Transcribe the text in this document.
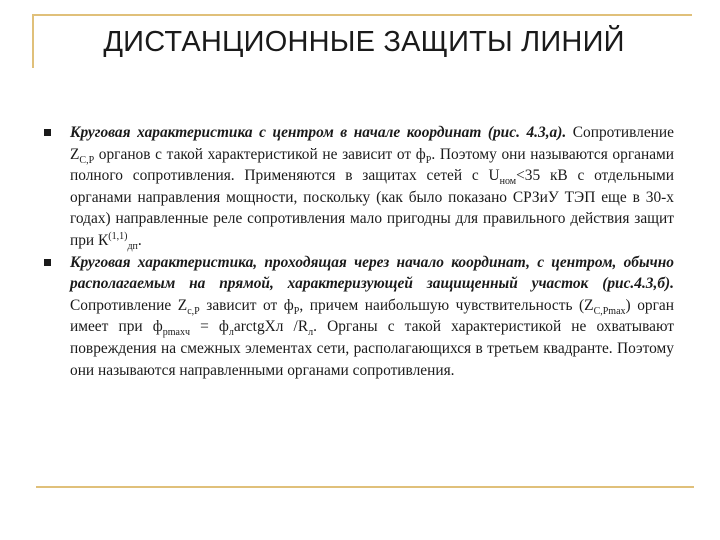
ДИСТАНЦИОННЫЕ ЗАЩИТЫ ЛИНИЙ
Круговая характеристика с центром в начале координат (рис. 4.3,а). Сопротивление $Z_{C,P}$ органов с такой характеристикой не зависит от $ф_P$. Поэтому они называются органами полного сопротивления. Применяются в защитах сетей с $U_{ном}<35$ кВ с отдельными органами направления мощности, поскольку (как было показано СРЗиУ ТЭП еще в 30-х годах) направленные реле сопротивления мало пригодны для правильного действия защит при К$^{(1,1)}_{дп}$.
Круговая характеристика, проходящая через начало координат, с центром, обычно располагаемым на прямой, характеризующей защищенный участок (рис.4.3,б). Сопротивление $Z_{c,P}$ зависит от $ф_P$, причем наибольшую чувствительность $(Z_{C,Pmax})$ орган имеет при $ф_{pmaxч}$ = $ф_лarctgXл$ $/R_л$. Органы с такой характеристикой не охватывают повреждения на смежных элементах сети, располагающихся в третьем квадранте. Поэтому они называются направленными органами сопротивления.
